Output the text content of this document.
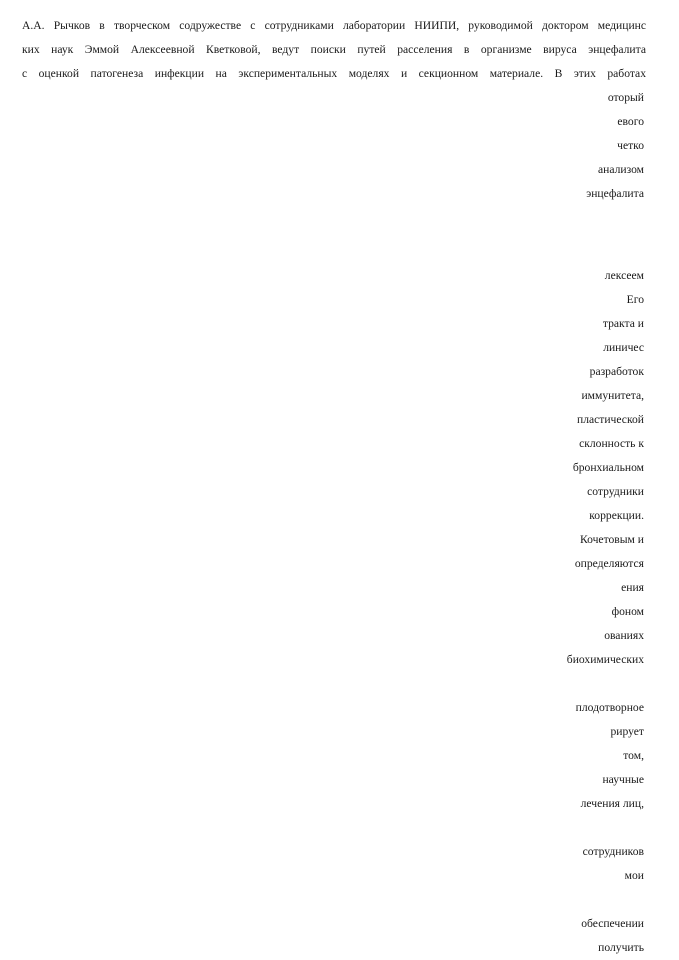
А.А. Рычков в творческом содружестве с сотрудниками лаборатории НИИПИ, руководимой доктором медицинс
ких наук Эммой Алексеевной Кветковой, ведут поиски путей расселения в организме вируса энцефалита
с оценкой патогенеза инфекции на экспериментальных моделях и секционном материале. В этих работах
оторый
евого
четко
анализом
энцефалита
лексеем
Его
тракта и
линичес
разработок
иммунитета,
пластической
склонность к
бронхиальном
сотрудники
коррекции.
Кочетовым и
определяются
ения
фоном
ованиях
биохимических
плодотворное
рирует
том,
научные
лечения лиц,
сотрудников
мои
обеспечении
получить
